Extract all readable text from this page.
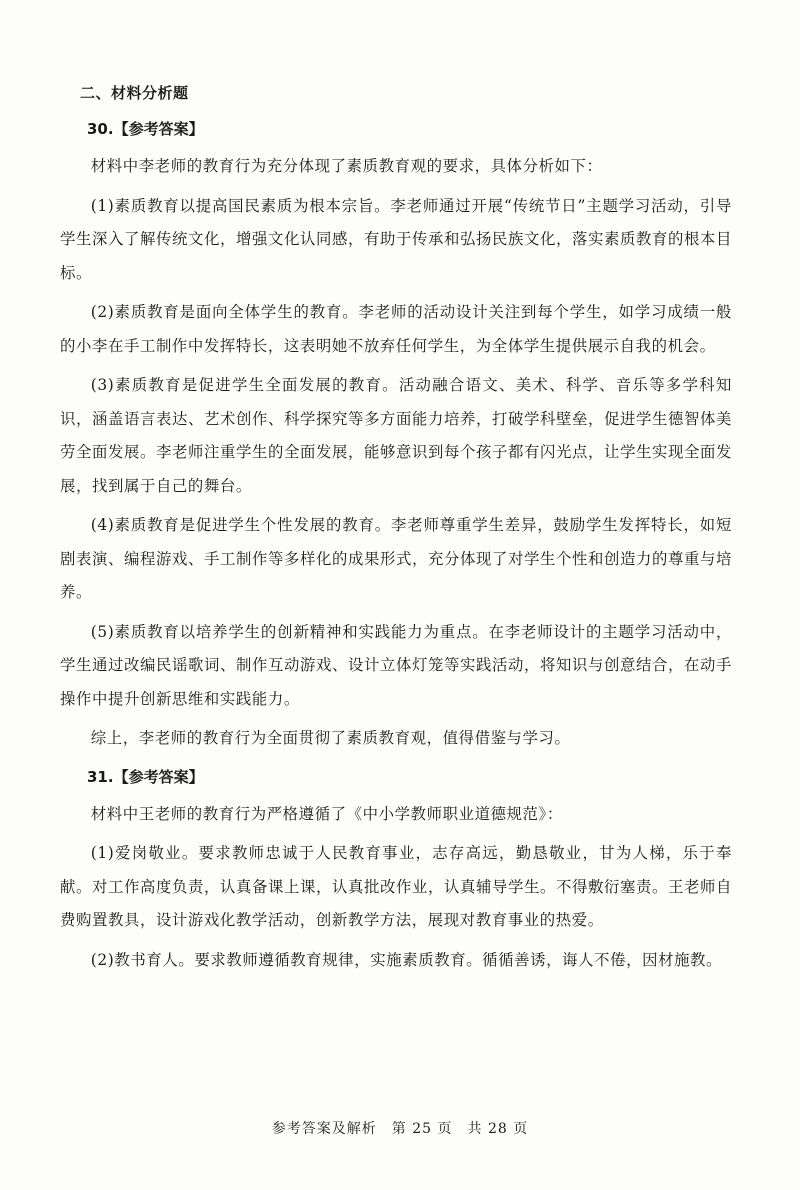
二、材料分析题
30.【参考答案】
材料中李老师的教育行为充分体现了素质教育观的要求，具体分析如下：
(1)素质教育以提高国民素质为根本宗旨。李老师通过开展“传统节日”主题学习活动，引导学生深入了解传统文化，增强文化认同感，有助于传承和弘扬民族文化，落实素质教育的根本目标。
(2)素质教育是面向全体学生的教育。李老师的活动设计关注到每个学生，如学习成绩一般的小李在手工制作中发挥特长，这表明她不放弃任何学生，为全体学生提供展示自我的机会。
(3)素质教育是促进学生全面发展的教育。活动融合语文、美术、科学、音乐等多学科知识，涵盖语言表达、艺术创作、科学探究等多方面能力培养，打破学科壁垒，促进学生德智体美劳全面发展。李老师注重学生的全面发展，能够意识到每个孩子都有闪光点，让学生实现全面发展，找到属于自己的舞台。
(4)素质教育是促进学生个性发展的教育。李老师尊重学生差异，鼓励学生发挥特长，如短剧表演、编程游戏、手工制作等多样化的成果形式，充分体现了对学生个性和创造力的尊重与培养。
(5)素质教育以培养学生的创新精神和实践能力为重点。在李老师设计的主题学习活动中，学生通过改编民谣歌词、制作互动游戏、设计立体灯笼等实践活动，将知识与创意结合，在动手操作中提升创新思维和实践能力。
综上，李老师的教育行为全面贯彻了素质教育观，值得借鉴与学习。
31.【参考答案】
材料中王老师的教育行为严格遵循了《中小学教师职业道德规范》：
(1)爱岗敬业。要求教师忠诚于人民教育事业，志存高远，勤恳敬业，甘为人梯，乐于奉献。对工作高度负责，认真备课上课，认真批改作业，认真辅导学生。不得敷衍塞责。王老师自费购置教具，设计游戏化教学活动，创新教学方法，展现对教育事业的热爱。
(2)教书育人。要求教师遵循教育规律，实施素质教育。循循善诱，诲人不倦，因材施教。
参考答案及解析　第 25 页　共 28 页
